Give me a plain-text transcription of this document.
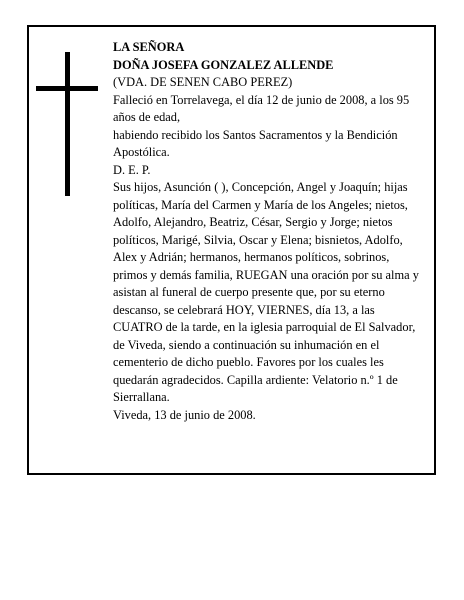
LA SEÑORA

DOÑA JOSEFA GONZALEZ ALLENDE

(VDA. DE SENEN CABO PEREZ)

Falleció en Torrelavega, el día 12 de junio de 2008, a los 95 años de edad,

habiendo recibido los Santos Sacramentos y la Bendición Apostólica.

D. E. P.

Sus hijos, Asunción ( ), Concepción, Angel y Joaquín; hijas políticas, María del Carmen y María de los Angeles; nietos, Adolfo, Alejandro, Beatriz, César, Sergio y Jorge; nietos políticos, Marigé, Silvia, Oscar y Elena; bisnietos, Adolfo, Alex y Adrián; hermanos, hermanos políticos, sobrinos, primos y demás familia, RUEGAN una oración por su alma y asistan al funeral de cuerpo presente que, por su eterno descanso, se celebrará HOY, VIERNES, día 13, a las CUATRO de la tarde, en la iglesia parroquial de El Salvador, de Viveda, siendo a continuación su inhumación en el cementerio de dicho pueblo. Favores por los cuales les quedarán agradecidos. Capilla ardiente: Velatorio n.º 1 de Sierrallana.

Viveda, 13 de junio de 2008.
